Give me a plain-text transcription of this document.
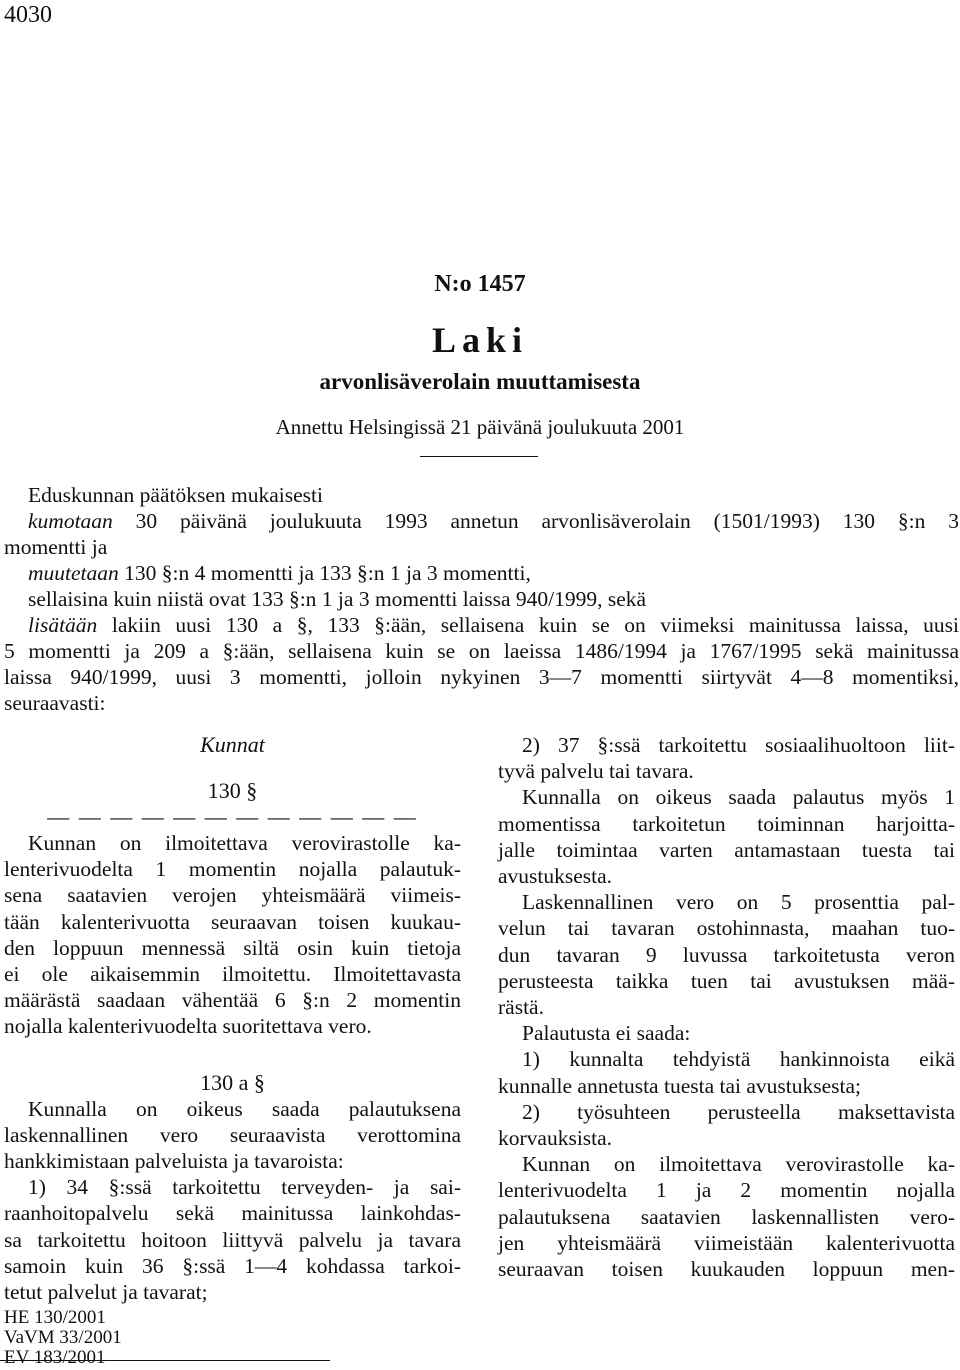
4030
N:o 1457
Laki
arvonlisäverolain muuttamisesta
Annettu Helsingissä 21 päivänä joulukuuta 2001
Eduskunnan päätöksen mukaisesti
kumotaan 30 päivänä joulukuuta 1993 annetun arvonlisäverolain (1501/1993) 130 §:n 3
momentti ja
muutetaan 130 §:n 4 momentti ja 133 §:n 1 ja 3 momentti,
sellaisina kuin niistä ovat 133 §:n 1 ja 3 momentti laissa 940/1999, sekä
lisätään lakiin uusi 130 a §, 133 §:ään, sellaisena kuin se on viimeksi mainitussa laissa, uusi
5 momentti ja 209 a §:ään, sellaisena kuin se on laeissa 1486/1994 ja 1767/1995 sekä mainitussa
laissa 940/1999, uusi 3 momentti, jolloin nykyinen 3—7 momentti siirtyvät 4—8 momentiksi,
seuraavasti:
Kunnat
130 §
— — — — — — — — — — — —
Kunnan on ilmoitettava verovirastolle ka-
lenterivuodelta 1 momentin nojalla palautuk-
sena saatavien verojen yhteismäärä viimeis-
tään kalenterivuotta seuraavan toisen kuukau-
den loppuun mennessä siltä osin kuin tietoja
ei ole aikaisemmin ilmoitettu. Ilmoitettavasta
määrästä saadaan vähentää 6 §:n 2 momentin
nojalla kalenterivuodelta suoritettava vero.
130 a §
Kunnalla on oikeus saada palautuksena
laskennallinen vero seuraavista verottomina
hankkimistaan palveluista ja tavaroista:
1) 34 §:ssä tarkoitettu terveyden- ja sai-
raanhoitopalvelu sekä mainitussa lainkohdas-
sa tarkoitettu hoitoon liittyvä palvelu ja tavara
samoin kuin 36 §:ssä 1—4 kohdassa tarkoi-
tetut palvelut ja tavarat;
2) 37 §:ssä tarkoitettu sosiaalihuoltoon liit-
tyvä palvelu tai tavara.
Kunnalla on oikeus saada palautus myös 1
momentissa tarkoitetun toiminnan harjoitta-
jalle toimintaa varten antamastaan tuesta tai
avustuksesta.
Laskennallinen vero on 5 prosenttia pal-
velun tai tavaran ostohinnasta, maahan tuo-
dun tavaran 9 luvussa tarkoitetusta veron
perusteesta taikka tuen tai avustuksen mää-
rästä.
Palautusta ei saada:
1) kunnalta tehdyistä hankinnoista eikä
kunnalle annetusta tuesta tai avustuksesta;
2) työsuhteen perusteella maksettavista
korvauksista.
Kunnan on ilmoitettava verovirastolle ka-
lenterivuodelta 1 ja 2 momentin nojalla
palautuksena saatavien laskennallisten vero-
jen yhteismäärä viimeistään kalenterivuotta
seuraavan toisen kuukauden loppuun men-
HE 130/2001
VaVM 33/2001
EV 183/2001
